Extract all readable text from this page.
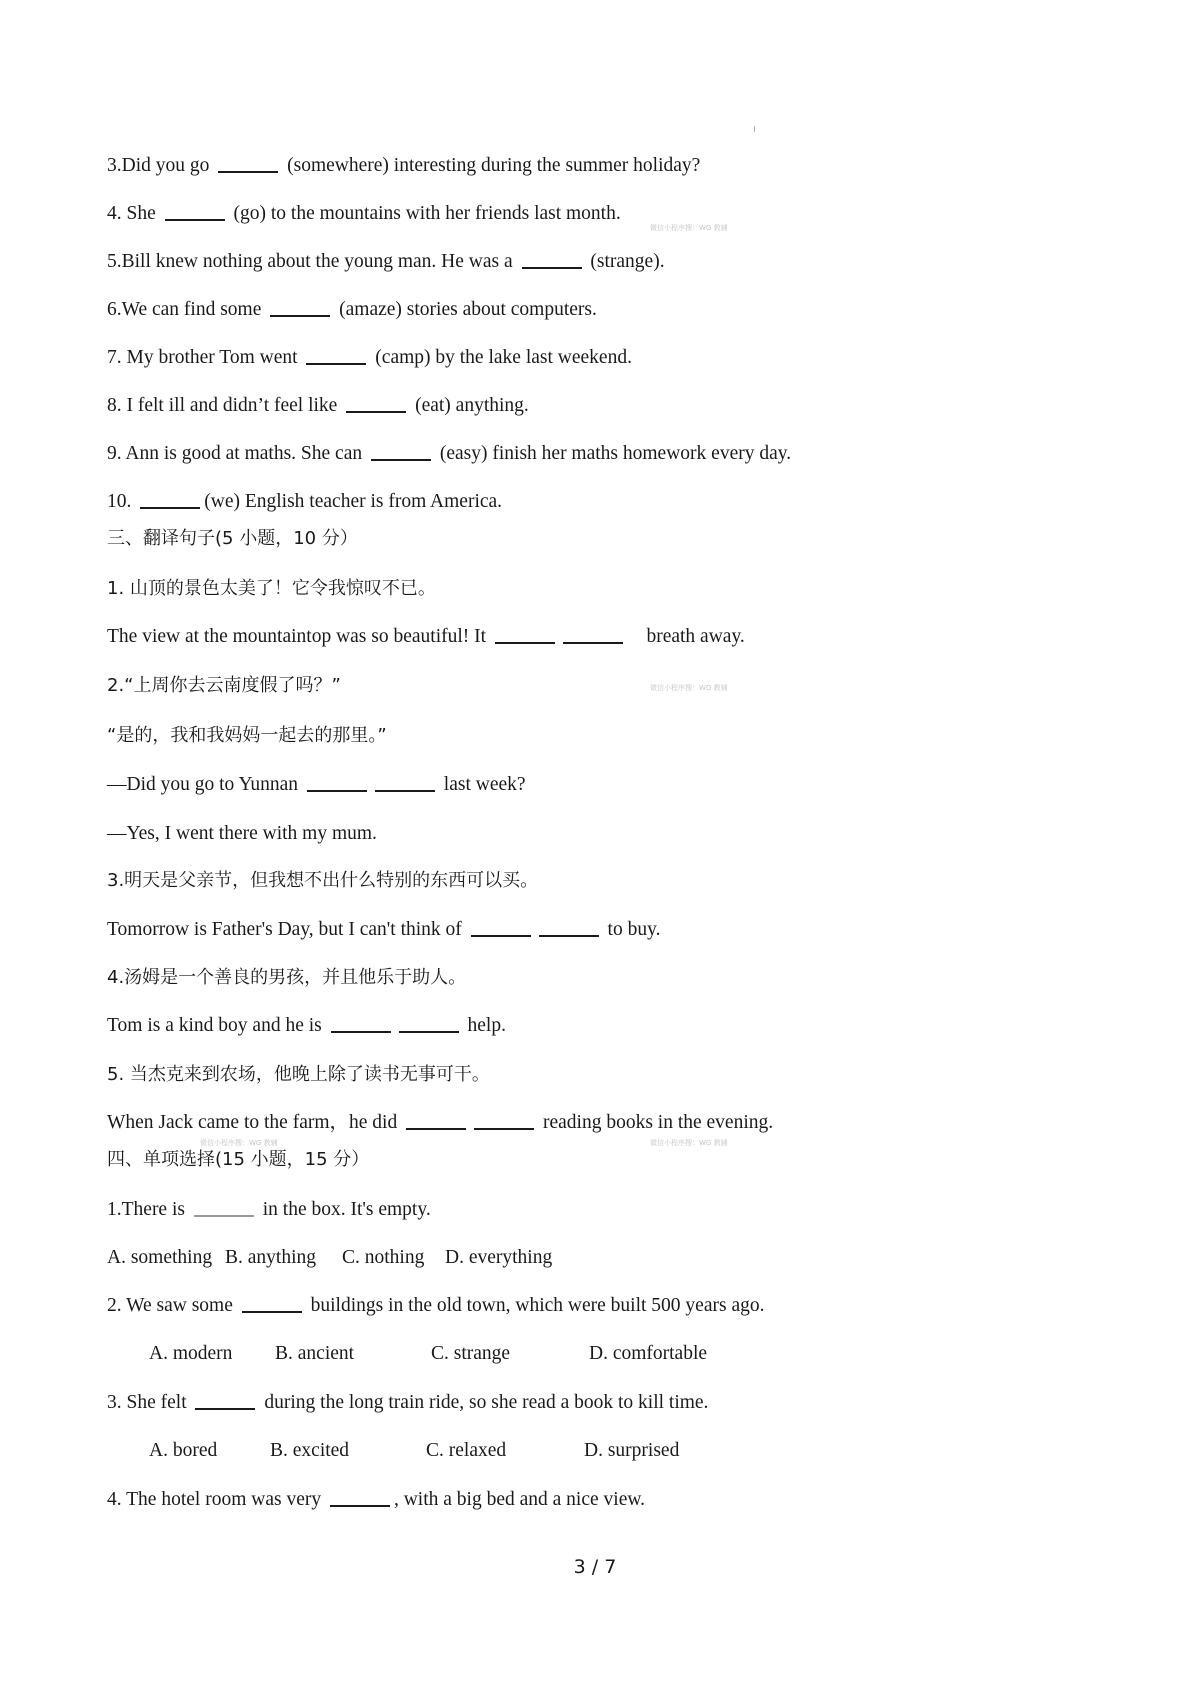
3.Did you go	(somewhere) interesting during the summer holiday?
4. She	(go) to the mountains with her friends last month.
5.Bill knew nothing about the young man. He was a	(strange).
6.We can find some	(amaze) stories about computers.
7. My brother Tom went	(camp) by the lake last weekend.
8. I felt ill and didn’t feel like	(eat) anything.
9. Ann is good at maths. She can	(easy) finish her maths homework every day.
10.	(we) English teacher is from America.
三、翻译句子(5 小题，10 分）
1. 山顶的景色太美了！它令我惊叹不已。
The view at the mountaintop was so beautiful! It	breath away.
2.“上周你去云南度假了吗？”
“是的，我和我妈妈一起去的那里。”
—Did you go to Yunnan	last week?
—Yes, I went there with my mum.
3.明天是父亲节，但我想不出什么特别的东西可以买。
Tomorrow is Father's Day, but I can't think of	to buy.
4.汤姆是一个善良的男孩，并且他乐于助人。
Tom is a kind boy and he is	help.
5. 当杰克来到农场，他晚上除了读书无事可干。
When Jack came to the farm，he did	reading books in the evening.
四、单项选择(15 小题，15 分）
1.There is	in the box. It's empty.
A. something B. anything C. nothing D. everything
2. We saw some	buildings in the old town, which were built 500 years ago.
A. modern B. ancient	C. strange	D. comfortable
3. She felt	during the long train ride, so she read a book to kill time.
A. bored	B. excited	C. relaxed	D. surprised
4. The hotel room was very	, with a big bed and a nice view.
微信小程序搜：WG 教辅
微信小程序搜：WG 教辅
微信小程序搜：WG 教辅
微信小程序搜：WG 教辅
3 / 7
